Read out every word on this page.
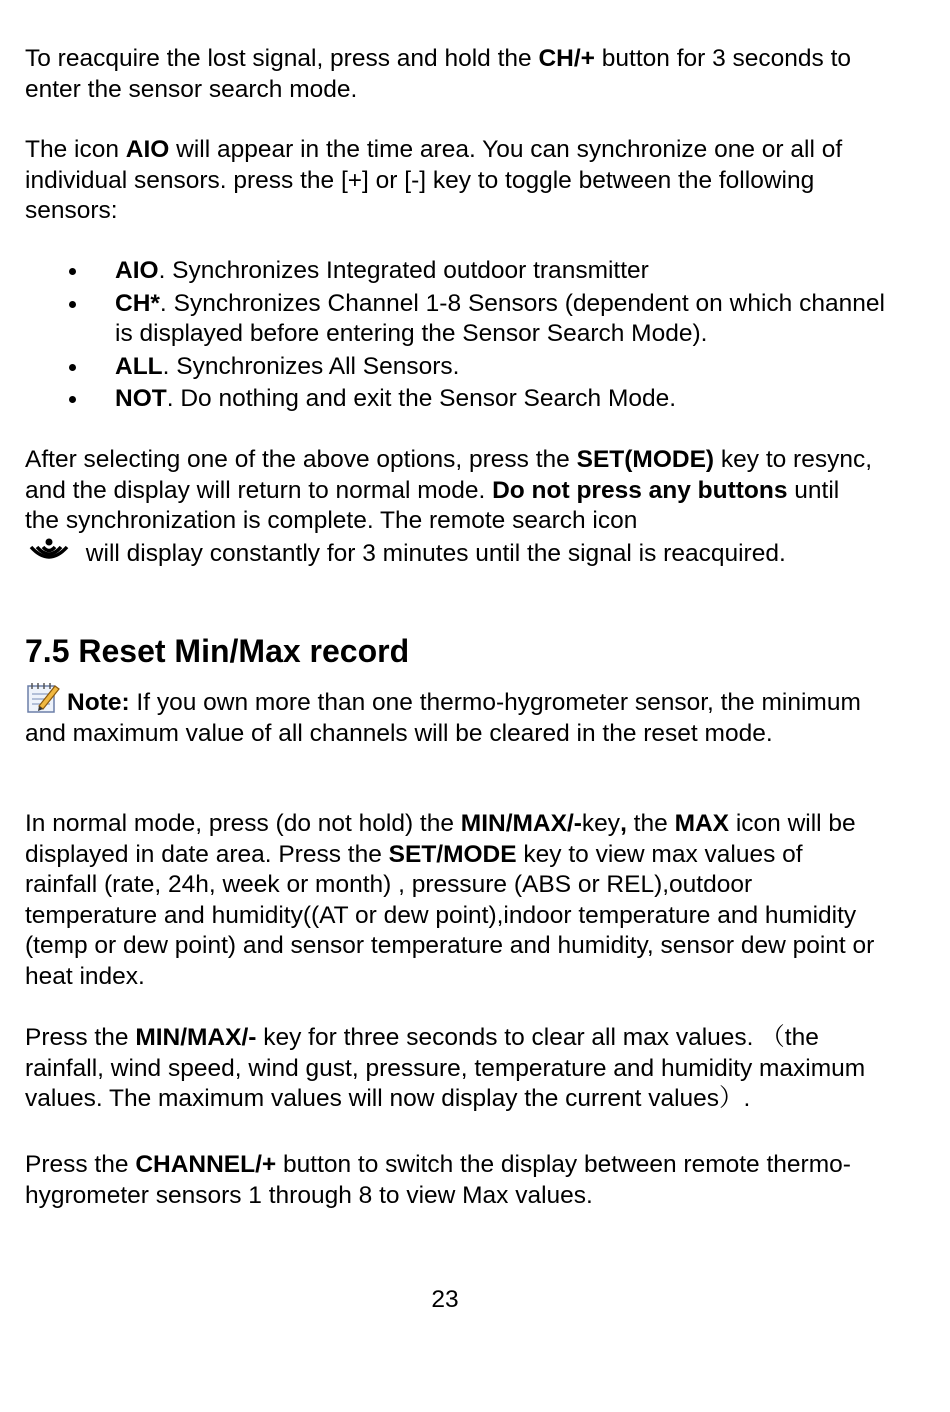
To reacquire the lost signal, press and hold the CH/+ button for 3 seconds to enter the sensor search mode.

The icon AIO will appear in the time area. You can synchronize one or all of individual sensors. press the [+] or [-] key to toggle between the following sensors:

AIO. Synchronizes Integrated outdoor transmitter
CH*. Synchronizes Channel 1-8 Sensors (dependent on which channel is displayed before entering the Sensor Search Mode).
ALL. Synchronizes All Sensors.
NOT. Do nothing and exit the Sensor Search Mode.

After selecting one of the above options, press the SET(MODE) key to resync, and the display will return to normal mode. Do not press any buttons until the synchronization is complete. The remote search icon
will display constantly for 3 minutes until the signal is reacquired.

7.5 Reset Min/Max record

Note: If you own more than one thermo-hygrometer sensor, the minimum and maximum value of all channels will be cleared in the reset mode.

In normal mode, press (do not hold) the MIN/MAX/-key, the MAX icon will be displayed in date area. Press the SET/MODE key to view max values of rainfall (rate, 24h, week or month) , pressure (ABS or REL),outdoor temperature and humidity((AT or dew point),indoor temperature and humidity (temp or dew point) and sensor temperature and humidity, sensor dew point or heat index.

Press the MIN/MAX/- key for three seconds to clear all max values. （the rainfall, wind speed, wind gust, pressure, temperature and humidity maximum values. The maximum values will now display the current values）.

Press the CHANNEL/+ button to switch the display between remote thermo-hygrometer sensors 1 through 8 to view Max values.

23
